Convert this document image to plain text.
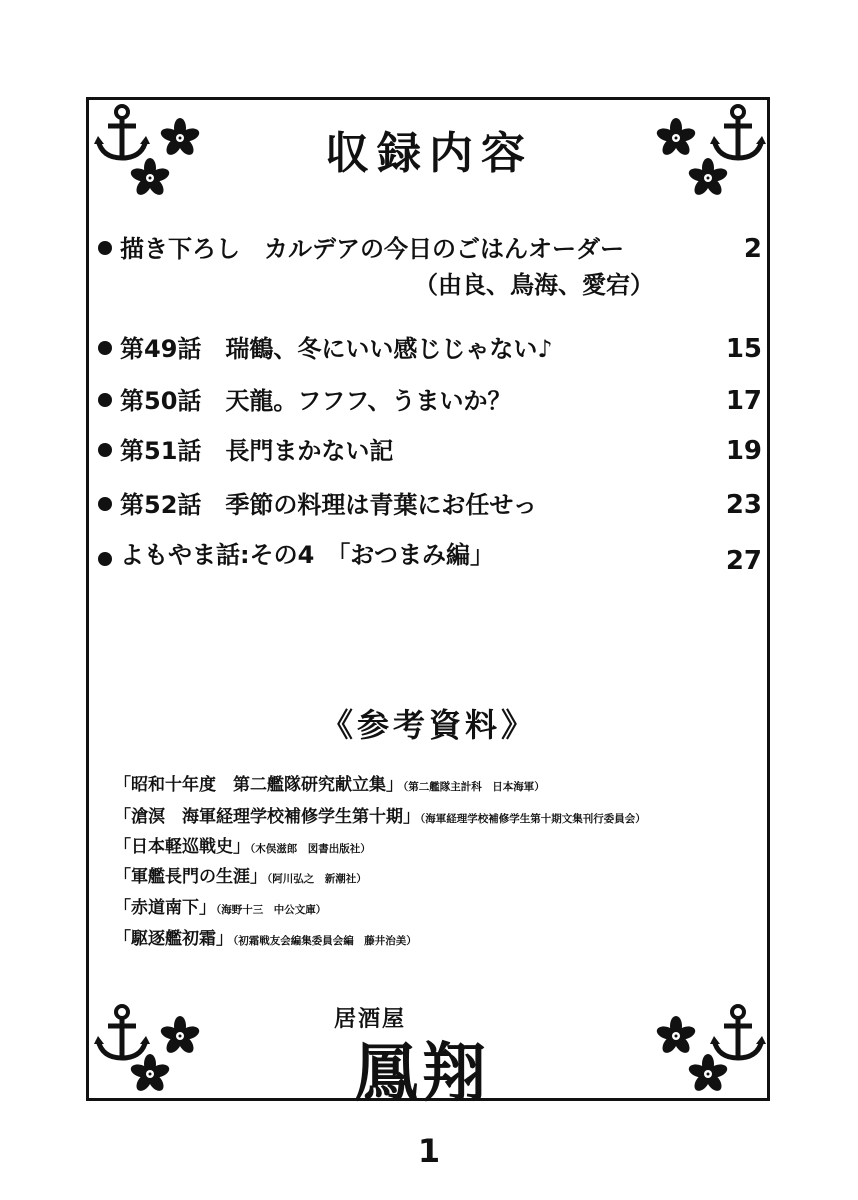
収録内容
描き下ろし　カルデアの今日のごはんオーダー	2
（由良、鳥海、愛宕）
第49話　瑞鶴、冬にいい感じじゃない♪	15
第50話　天龍。フフフ、うまいか？	17
第51話　長門まかない記	19
第52話　季節の料理は青葉にお任せっ	23
よもやま話:その4　「おつまみ編」	27
《参考資料》
「昭和十年度　第二艦隊研究献立集」（第二艦隊主計科　日本海軍）
「滄溟　海軍経理学校補修学生第十期」（海軍経理学校補修学生第十期文集刊行委員会）
「日本軽巡戦史」（木俣滋郎　図書出版社）
「軍艦長門の生涯」（阿川弘之　新潮社）
「赤道南下」（海野十三　中公文庫）
「駆逐艦初霜」（初霜戦友会編集委員会編　藤井治美）
居酒屋
鳳翔
1
